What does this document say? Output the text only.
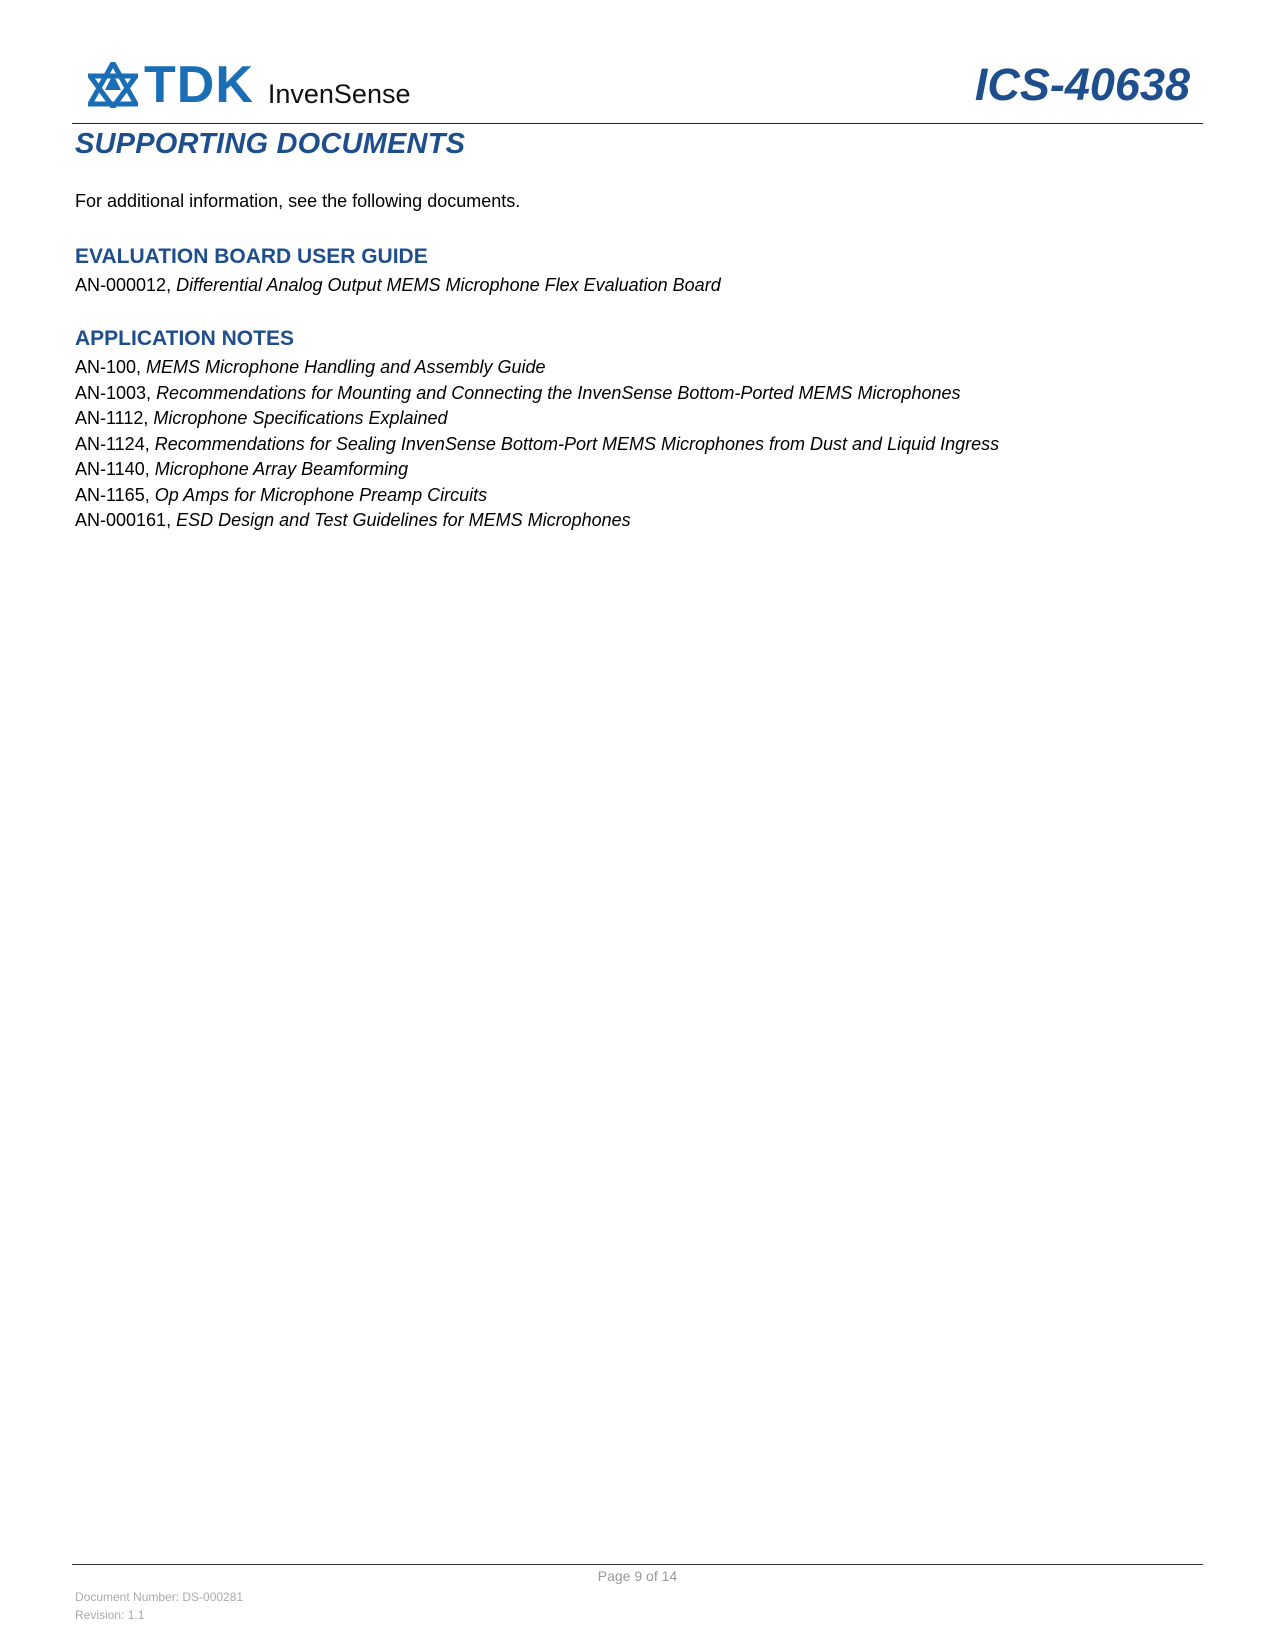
TDK InvenSense	ICS-40638
SUPPORTING DOCUMENTS
For additional information, see the following documents.
EVALUATION BOARD USER GUIDE
AN-000012, Differential Analog Output MEMS Microphone Flex Evaluation Board
APPLICATION NOTES
AN-100, MEMS Microphone Handling and Assembly Guide
AN-1003, Recommendations for Mounting and Connecting the InvenSense Bottom-Ported MEMS Microphones
AN-1112, Microphone Specifications Explained
AN-1124, Recommendations for Sealing InvenSense Bottom-Port MEMS Microphones from Dust and Liquid Ingress
AN-1140, Microphone Array Beamforming
AN-1165, Op Amps for Microphone Preamp Circuits
AN-000161, ESD Design and Test Guidelines for MEMS Microphones
Page 9 of 14
Document Number: DS-000281
Revision: 1.1
